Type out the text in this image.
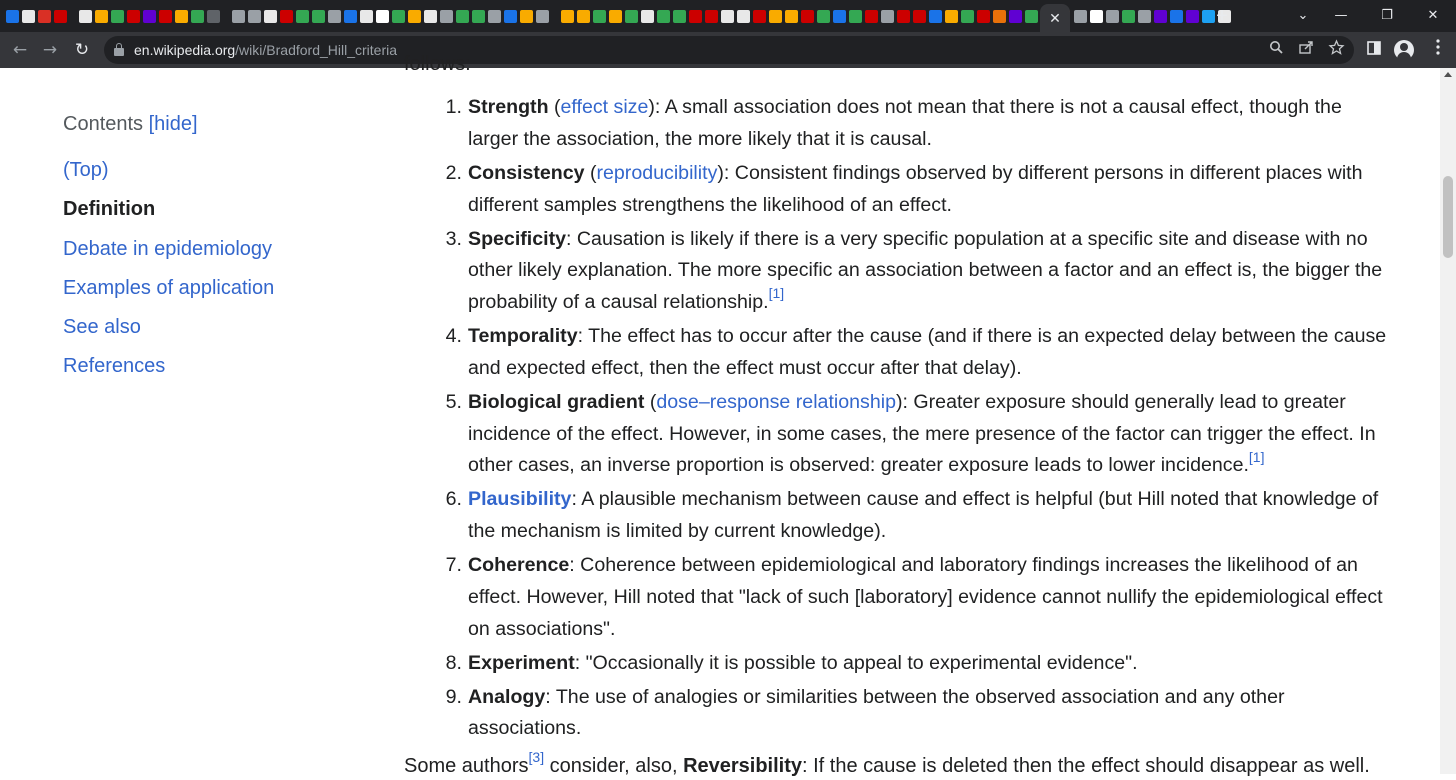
✕	+	⌄	—	❐	✕
← → ↻	en.wikipedia.org/wiki/Bradford_Hill_criteria
follows:
Contents [hide]
(Top)
Definition
Debate in epidemiology
Examples of application
See also
References
1. Strength (effect size): A small association does not mean that there is not a causal effect, though the larger the association, the more likely that it is causal.
2. Consistency (reproducibility): Consistent findings observed by different persons in different places with different samples strengthens the likelihood of an effect.
3. Specificity: Causation is likely if there is a very specific population at a specific site and disease with no other likely explanation. The more specific an association between a factor and an effect is, the bigger the probability of a causal relationship.[1]
4. Temporality: The effect has to occur after the cause (and if there is an expected delay between the cause and expected effect, then the effect must occur after that delay).
5. Biological gradient (dose–response relationship): Greater exposure should generally lead to greater incidence of the effect. However, in some cases, the mere presence of the factor can trigger the effect. In other cases, an inverse proportion is observed: greater exposure leads to lower incidence.[1]
6. Plausibility: A plausible mechanism between cause and effect is helpful (but Hill noted that knowledge of the mechanism is limited by current knowledge).
7. Coherence: Coherence between epidemiological and laboratory findings increases the likelihood of an effect. However, Hill noted that "lack of such [laboratory] evidence cannot nullify the epidemiological effect on associations".
8. Experiment: "Occasionally it is possible to appeal to experimental evidence".
9. Analogy: The use of analogies or similarities between the observed association and any other associations.
Some authors[3] consider, also, Reversibility: If the cause is deleted then the effect should disappear as well.
